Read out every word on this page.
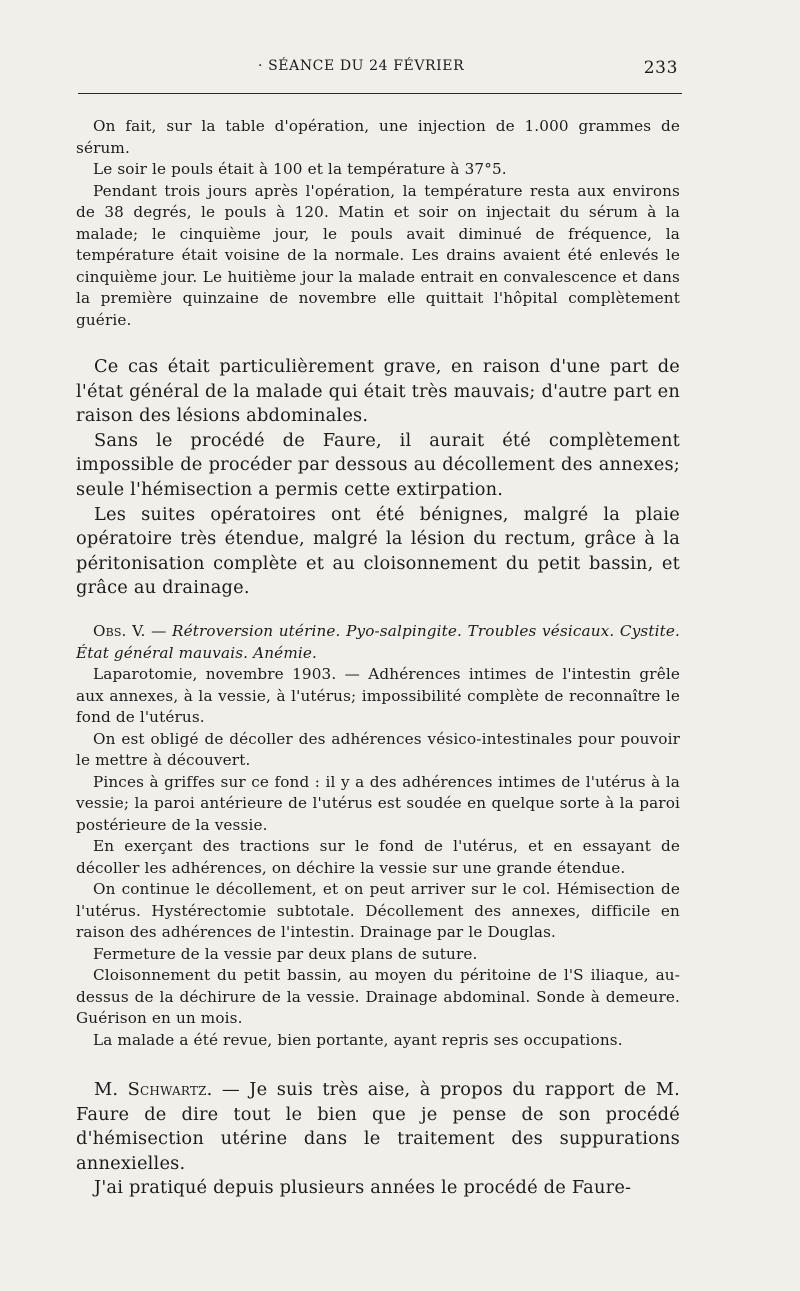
· SÉANCE DU 24 FÉVRIER	233

On fait, sur la table d'opération, une injection de 1.000 grammes de sérum.

Le soir le pouls était à 100 et la température à 37°5.

Pendant trois jours après l'opération, la température resta aux environs de 38 degrés, le pouls à 120. Matin et soir on injectait du sérum à la malade; le cinquième jour, le pouls avait diminué de fréquence, la température était voisine de la normale. Les drains avaient été enlevés le cinquième jour. Le huitième jour la malade entrait en convalescence et dans la première quinzaine de novembre elle quittait l'hôpital complètement guérie.

Ce cas était particulièrement grave, en raison d'une part de l'état général de la malade qui était très mauvais; d'autre part en raison des lésions abdominales.

Sans le procédé de Faure, il aurait été complètement impossible de procéder par dessous au décollement des annexes; seule l'hémisection a permis cette extirpation.

Les suites opératoires ont été bénignes, malgré la plaie opératoire très étendue, malgré la lésion du rectum, grâce à la péritonisation complète et au cloisonnement du petit bassin, et grâce au drainage.

Obs. V. — Rétroversion utérine. Pyo-salpingite. Troubles vésicaux. Cystite. État général mauvais. Anémie.

Laparotomie, novembre 1903. — Adhérences intimes de l'intestin grêle aux annexes, à la vessie, à l'utérus; impossibilité complète de reconnaître le fond de l'utérus.

On est obligé de décoller des adhérences vésico-intestinales pour pouvoir le mettre à découvert.

Pinces à griffes sur ce fond : il y a des adhérences intimes de l'utérus à la vessie; la paroi antérieure de l'utérus est soudée en quelque sorte à la paroi postérieure de la vessie.

En exerçant des tractions sur le fond de l'utérus, et en essayant de décoller les adhérences, on déchire la vessie sur une grande étendue.

On continue le décollement, et on peut arriver sur le col. Hémisection de l'utérus. Hystérectomie subtotale. Décollement des annexes, difficile en raison des adhérences de l'intestin. Drainage par le Douglas.

Fermeture de la vessie par deux plans de suture.

Cloisonnement du petit bassin, au moyen du péritoine de l'S iliaque, au-dessus de la déchirure de la vessie. Drainage abdominal. Sonde à demeure. Guérison en un mois.

La malade a été revue, bien portante, ayant repris ses occupations.

M. Schwartz. — Je suis très aise, à propos du rapport de M. Faure de dire tout le bien que je pense de son procédé d'hémisection utérine dans le traitement des suppurations annexielles.

J'ai pratiqué depuis plusieurs années le procédé de Faure-
